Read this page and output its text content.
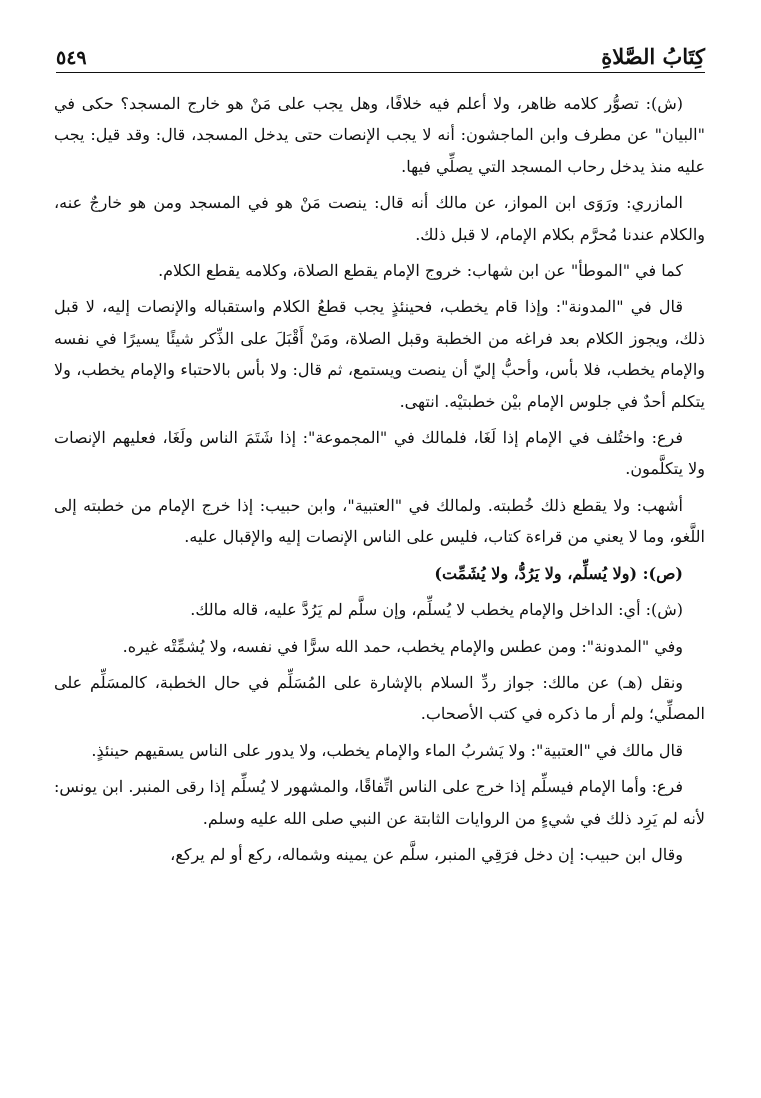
كِتَابُ الصَّلاةِ
٥٤٩

(ش): تصوُّر كلامه ظاهر، ولا أعلم فيه خلافًا، وهل يجب على مَنْ هو خارج المسجد؟ حكى في "البيان" عن مطرف وابن الماجشون: أنه لا يجب الإنصات حتى يدخل المسجد، قال: وقد قيل: يجب عليه منذ يدخل رحاب المسجد التي يصلِّي فيها.

المازري: ورَوَى ابن المواز، عن مالك أنه قال: ينصت مَنْ هو في المسجد ومن هو خارجٌ عنه، والكلام عندنا مُحرَّم بكلام الإمام، لا قبل ذلك.

كما في "الموطأ" عن ابن شهاب: خروج الإمام يقطع الصلاة، وكلامه يقطع الكلام.

قال في "المدونة": وإذا قام يخطب، فحينئذٍ يجب قطعُ الكلام واستقباله والإنصات إليه، لا قبل ذلك، ويجوز الكلام بعد فراغه من الخطبة وقبل الصلاة، ومَنْ أَقْبَلَ على الذِّكر شيئًا يسيرًا في نفسه والإمام يخطب، فلا بأس، وأحبُّ إليّ أن ينصت ويستمع، ثم قال: ولا بأس بالاحتباء والإمام يخطب، ولا يتكلم أحدٌ في جلوس الإمام بيْن خطبتيْه. انتهى.

فرع: واختُلف في الإمام إذا لَغَا، فلمالك في "المجموعة": إذا شَتَمَ الناس ولَغَا، فعليهم الإنصات ولا يتكلَّمون.

أشهب: ولا يقطع ذلك خُطبته. ولمالك في "العتبية"، وابن حبيب: إذا خرج الإمام من خطبته إلى اللَّغو، وما لا يعني من قراءة كتاب، فليس على الناس الإنصات إليه والإقبال عليه.

(ص): (ولا يُسلِّم، ولا يَرُدُّ، ولا يُشَمِّت)

(ش): أي: الداخل والإمام يخطب لا يُسلِّم، وإن سلَّم لم يَرُدَّ عليه، قاله مالك.

وفي "المدونة": ومن عطس والإمام يخطب، حمد الله سرًّا في نفسه، ولا يُشمِّتْه غيره.

ونقل (هـ) عن مالك: جواز ردِّ السلام بالإشارة على المُسَلِّم في حال الخطبة، كالمسَلِّم على المصلِّي؛ ولم أر ما ذكره في كتب الأصحاب.

قال مالك في "العتبية": ولا يَشربُ الماء والإمام يخطب، ولا يدور على الناس يسقيهم حينئذٍ.

فرع: وأما الإمام فيسلِّم إذا خرج على الناس اتِّفاقًا، والمشهور لا يُسلِّم إذا رقى المنبر. ابن يونس: لأنه لم يَرِد ذلك في شيءٍ من الروايات الثابتة عن النبي صلى الله عليه وسلم.

وقال ابن حبيب: إن دخل فرَقِي المنبر، سلَّم عن يمينه وشماله، ركع أو لم يركع،
